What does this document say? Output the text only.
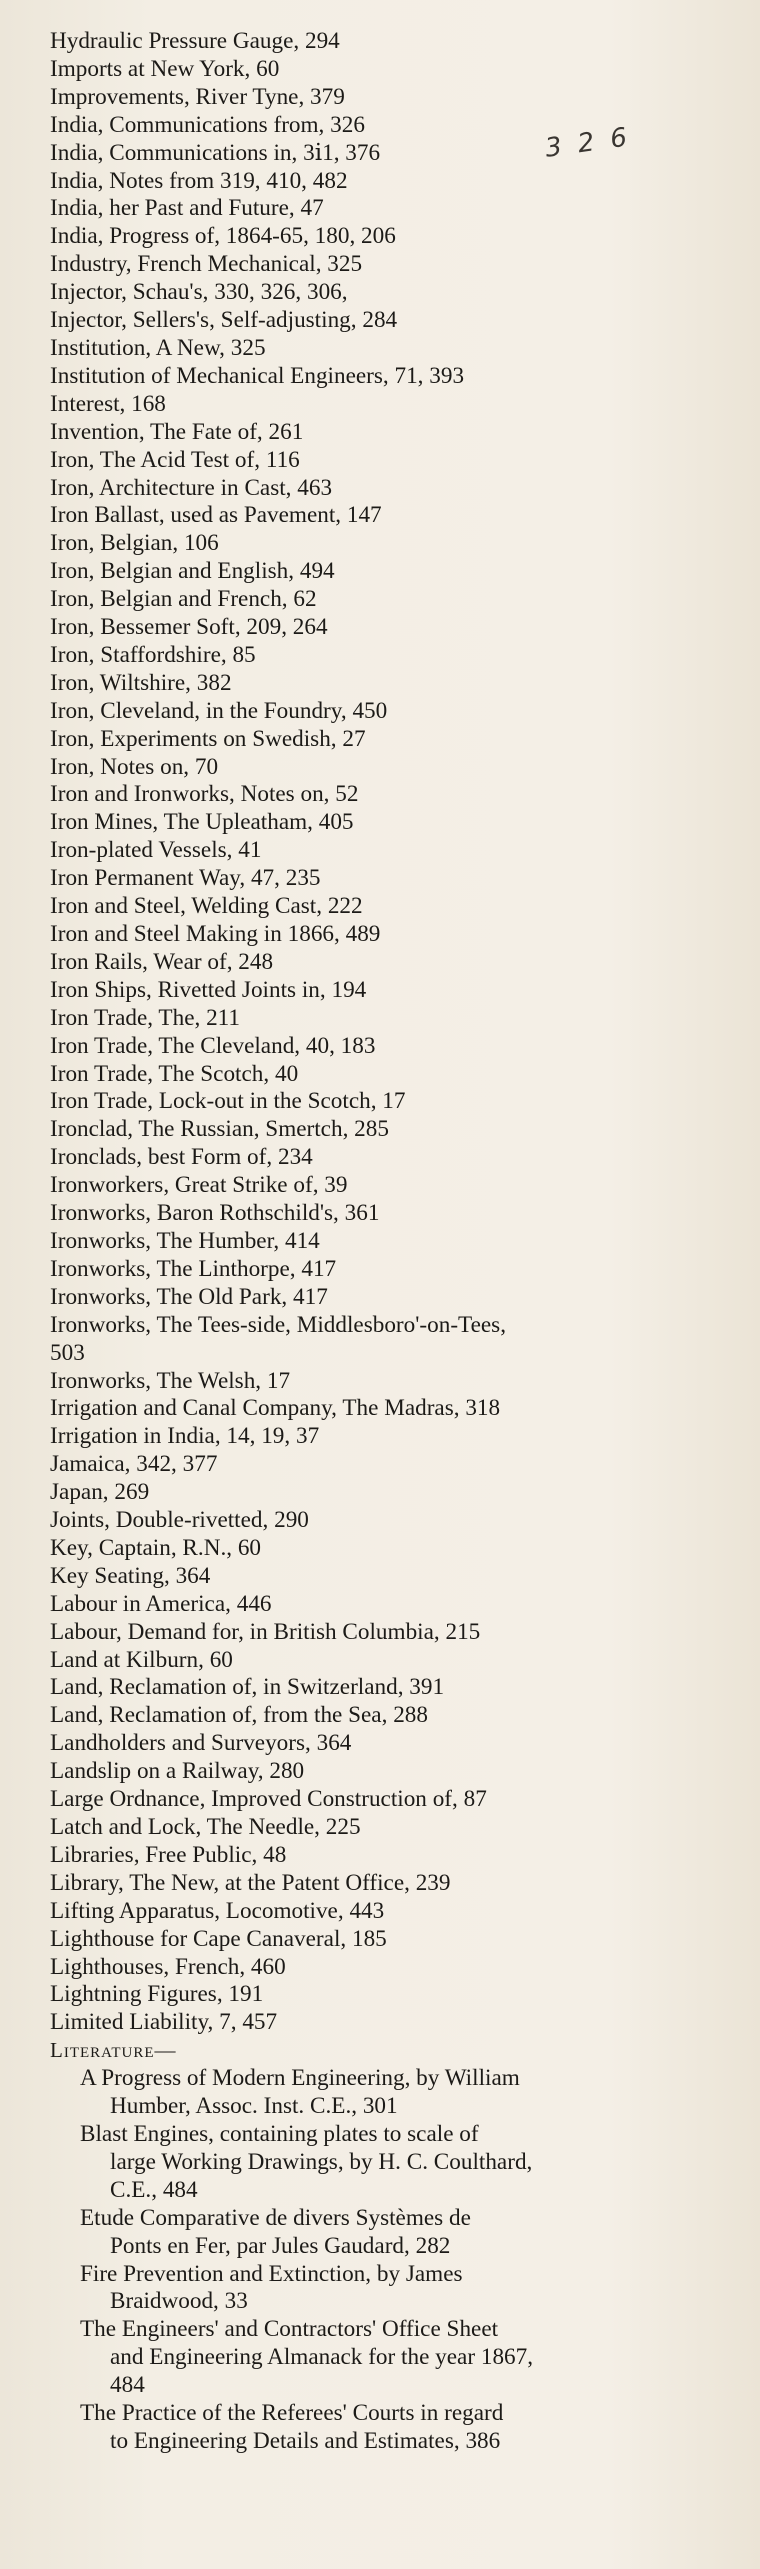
Hydraulic Pressure Gauge, 294
Imports at New York, 60
Improvements, River Tyne, 379
India, Communications from, 326
India, Communications in, 3ⅰ1, 376
India, Notes from 319, 410, 482
India, her Past and Future, 47
India, Progress of, 1864-65, 180, 206
Industry, French Mechanical, 325
Injector, Schau's, 330, 326, 306,
Injector, Sellers's, Self-adjusting, 284
Institution, A New, 325
Institution of Mechanical Engineers, 71, 393
Interest, 168
Invention, The Fate of, 261
Iron, The Acid Test of, 116
Iron, Architecture in Cast, 463
Iron Ballast, used as Pavement, 147
Iron, Belgian, 106
Iron, Belgian and English, 494
Iron, Belgian and French, 62
Iron, Bessemer Soft, 209, 264
Iron, Staffordshire, 85
Iron, Wiltshire, 382
Iron, Cleveland, in the Foundry, 450
Iron, Experiments on Swedish, 27
Iron, Notes on, 70
Iron and Ironworks, Notes on, 52
Iron Mines, The Upleatham, 405
Iron-plated Vessels, 41
Iron Permanent Way, 47, 235
Iron and Steel, Welding Cast, 222
Iron and Steel Making in 1866, 489
Iron Rails, Wear of, 248
Iron Ships, Rivetted Joints in, 194
Iron Trade, The, 211
Iron Trade, The Cleveland, 40, 183
Iron Trade, The Scotch, 40
Iron Trade, Lock-out in the Scotch, 17
Ironclad, The Russian, Smertch, 285
Ironclads, best Form of, 234
Ironworkers, Great Strike of, 39
Ironworks, Baron Rothschild's, 361
Ironworks, The Humber, 414
Ironworks, The Linthorpe, 417
Ironworks, The Old Park, 417
Ironworks, The Tees-side, Middlesboro'-on-Tees,
503
Ironworks, The Welsh, 17
Irrigation and Canal Company, The Madras, 318
Irrigation in India, 14, 19, 37
Jamaica, 342, 377
Japan, 269
Joints, Double-rivetted, 290
Key, Captain, R.N., 60
Key Seating, 364
Labour in America, 446
Labour, Demand for, in British Columbia, 215
Land at Kilburn, 60
Land, Reclamation of, in Switzerland, 391
Land, Reclamation of, from the Sea, 288
Landholders and Surveyors, 364
Landslip on a Railway, 280
Large Ordnance, Improved Construction of, 87
Latch and Lock, The Needle, 225
Libraries, Free Public, 48
Library, The New, at the Patent Office, 239
Lifting Apparatus, Locomotive, 443
Lighthouse for Cape Canaveral, 185
Lighthouses, French, 460
Lightning Figures, 191
Limited Liability, 7, 457
Literature—
A Progress of Modern Engineering, by William
Humber, Assoc. Inst. C.E., 301
Blast Engines, containing plates to scale of
large Working Drawings, by H. C. Coulthard,
C.E., 484
Etude Comparative de divers Systèmes de
Ponts en Fer, par Jules Gaudard, 282
Fire Prevention and Extinction, by James
Braidwood, 33
The Engineers' and Contractors' Office Sheet
and Engineering Almanack for the year 1867,
484
The Practice of the Referees' Courts in regard
to Engineering Details and Estimates, 386
3 2 6
